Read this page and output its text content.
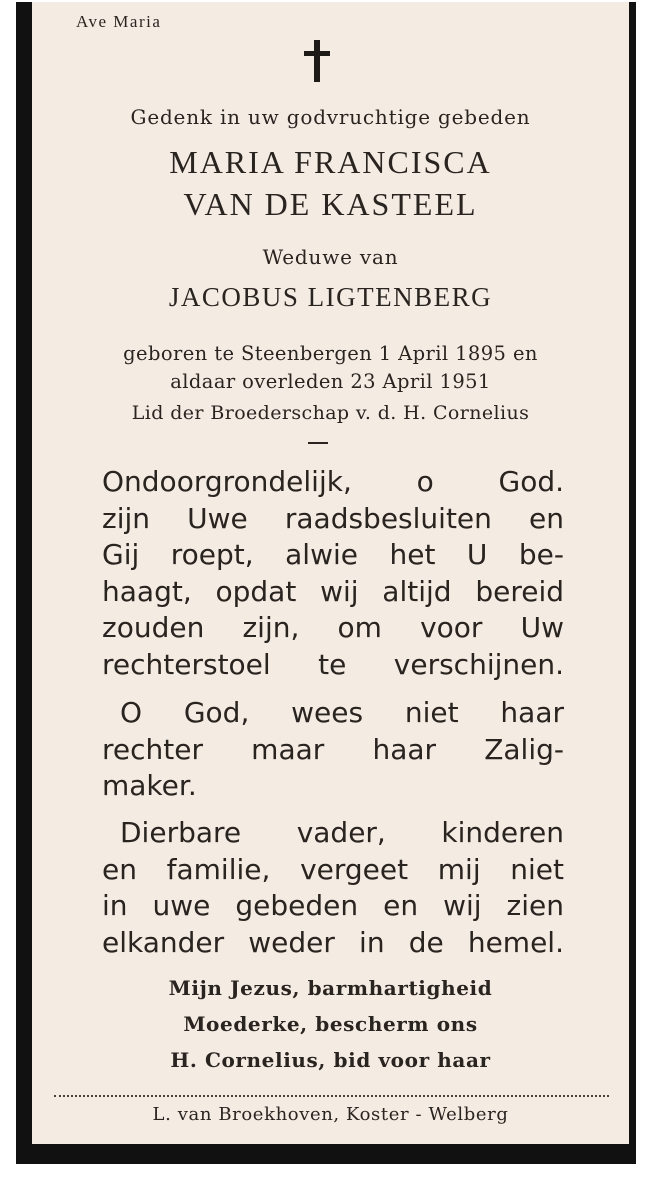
Ave Maria

Gedenk in uw godvruchtige gebeden

MARIA FRANCISCA

VAN DE KASTEEL

Weduwe van

JACOBUS LIGTENBERG

geboren te Steenbergen 1 April 1895 en

aldaar overleden 23 April 1951

Lid der Broederschap v. d. H. Cornelius

Ondoorgrondelijk, o God.
zijn Uwe raadsbesluiten en
Gij roept, alwie het U be-
haagt, opdat wij altijd bereid
zouden zijn, om voor Uw
rechterstoel te verschijnen.
O God, wees niet haar
rechter maar haar Zalig-
maker.
Dierbare vader, kinderen
en familie, vergeet mij niet
in uwe gebeden en wij zien
elkander weder in de hemel.

Mijn Jezus, barmhartigheid

Moederke, bescherm ons

H. Cornelius, bid voor haar

L. van Broekhoven, Koster - Welberg
